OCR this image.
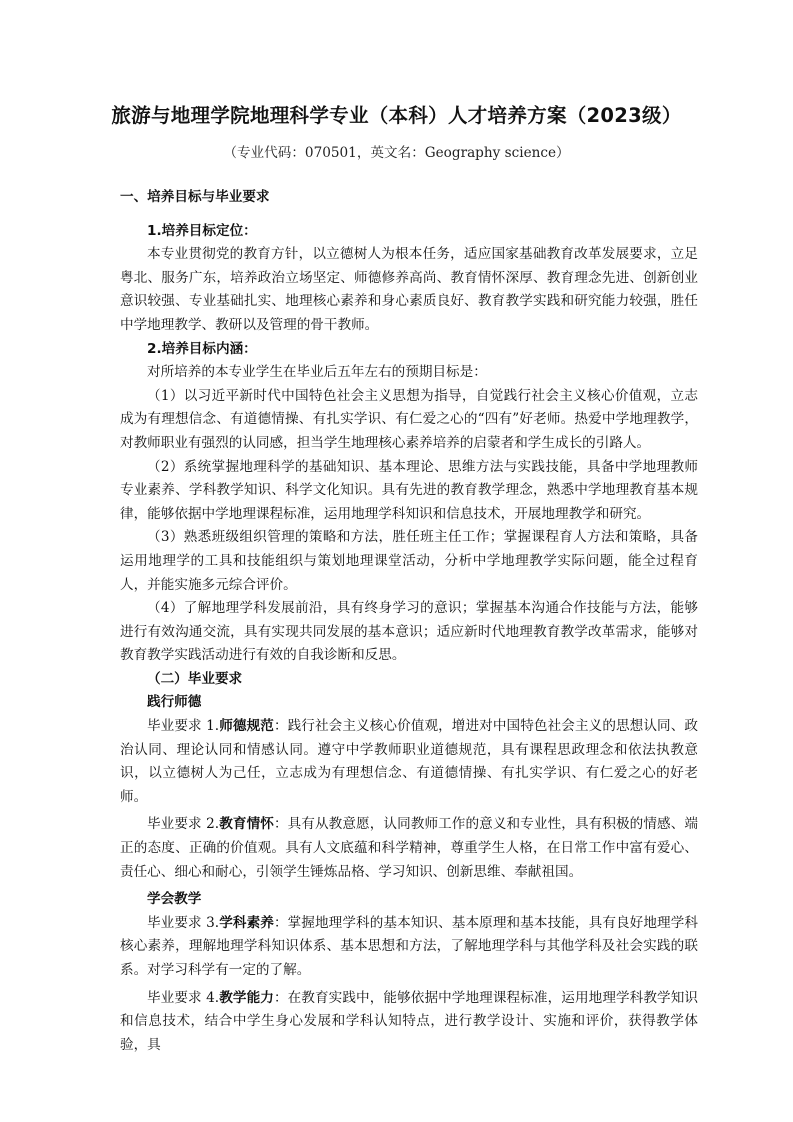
旅游与地理学院地理科学专业（本科）人才培养方案（2023级）
（专业代码：070501，英文名：Geography science）

一、培养目标与毕业要求

1.培养目标定位：

本专业贯彻党的教育方针，以立德树人为根本任务，适应国家基础教育改革发展要求，立足粤北、服务广东，培养政治立场坚定、师德修养高尚、教育情怀深厚、教育理念先进、创新创业意识较强、专业基础扎实、地理核心素养和身心素质良好、教育教学实践和研究能力较强，胜任中学地理教学、教研以及管理的骨干教师。

2.培养目标内涵：

对所培养的本专业学生在毕业后五年左右的预期目标是：

（1）以习近平新时代中国特色社会主义思想为指导，自觉践行社会主义核心价值观，立志成为有理想信念、有道德情操、有扎实学识、有仁爱之心的“四有”好老师。热爱中学地理教学，对教师职业有强烈的认同感，担当学生地理核心素养培养的启蒙者和学生成长的引路人。

（2）系统掌握地理科学的基础知识、基本理论、思维方法与实践技能，具备中学地理教师专业素养、学科教学知识、科学文化知识。具有先进的教育教学理念，熟悉中学地理教育基本规律，能够依据中学地理课程标准，运用地理学科知识和信息技术，开展地理教学和研究。

（3）熟悉班级组织管理的策略和方法，胜任班主任工作；掌握课程育人方法和策略，具备运用地理学的工具和技能组织与策划地理课堂活动，分析中学地理教学实际问题，能全过程育人，并能实施多元综合评价。

（4）了解地理学科发展前沿，具有终身学习的意识；掌握基本沟通合作技能与方法，能够进行有效沟通交流，具有实现共同发展的基本意识；适应新时代地理教育教学改革需求，能够对教育教学实践活动进行有效的自我诊断和反思。

（二）毕业要求

践行师德

毕业要求 1.师德规范：践行社会主义核心价值观，增进对中国特色社会主义的思想认同、政治认同、理论认同和情感认同。遵守中学教师职业道德规范，具有课程思政理念和依法执教意识，以立德树人为己任，立志成为有理想信念、有道德情操、有扎实学识、有仁爱之心的好老师。

毕业要求 2.教育情怀：具有从教意愿，认同教师工作的意义和专业性，具有积极的情感、端正的态度、正确的价值观。具有人文底蕴和科学精神，尊重学生人格，在日常工作中富有爱心、责任心、细心和耐心，引领学生锤炼品格、学习知识、创新思维、奉献祖国。

学会教学

毕业要求 3.学科素养：掌握地理学科的基本知识、基本原理和基本技能，具有良好地理学科核心素养，理解地理学科知识体系、基本思想和方法，了解地理学科与其他学科及社会实践的联系。对学习科学有一定的了解。

毕业要求 4.教学能力：在教育实践中，能够依据中学地理课程标准，运用地理学科教学知识和信息技术，结合中学生身心发展和学科认知特点，进行教学设计、实施和评价，获得教学体验，具
